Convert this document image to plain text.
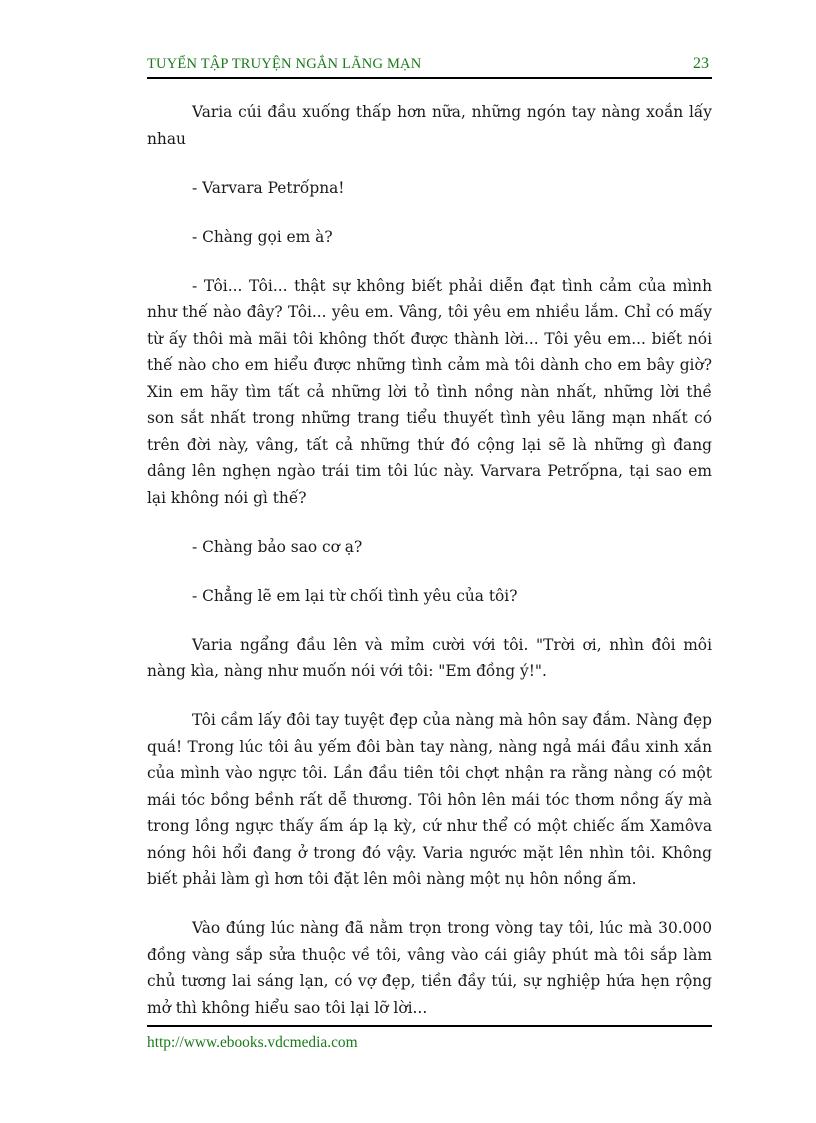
TUYỂN TẬP TRUYỆN NGẮN LÃNG MẠN	23

Varia cúi đầu xuống thấp hơn nữa, những ngón tay nàng xoắn lấy nhau

- Varvara Petrốpna!

- Chàng gọi em à?

- Tôi... Tôi... thật sự không biết phải diễn đạt tình cảm của mình như thế nào đây? Tôi... yêu em. Vâng, tôi yêu em nhiều lắm. Chỉ có mấy từ ấy thôi mà mãi tôi không thốt được thành lời... Tôi yêu em... biết nói thế nào cho em hiểu được những tình cảm mà tôi dành cho em bây giờ? Xin em hãy tìm tất cả những lời tỏ tình nồng nàn nhất, những lời thề son sắt nhất trong những trang tiểu thuyết tình yêu lãng mạn nhất có trên đời này, vâng, tất cả những thứ đó cộng lại sẽ là những gì đang dâng lên nghẹn ngào trái tim tôi lúc này. Varvara Petrốpna, tại sao em lại không nói gì thế?

- Chàng bảo sao cơ ạ?

- Chẳng lẽ em lại từ chối tình yêu của tôi?

Varia ngẩng đầu lên và mỉm cười với tôi. "Trời ơi, nhìn đôi môi nàng kìa, nàng như muốn nói với tôi: "Em đồng ý!".

Tôi cầm lấy đôi tay tuyệt đẹp của nàng mà hôn say đắm. Nàng đẹp quá! Trong lúc tôi âu yếm đôi bàn tay nàng, nàng ngả mái đầu xinh xắn của mình vào ngực tôi. Lần đầu tiên tôi chợt nhận ra rằng nàng có một mái tóc bồng bềnh rất dễ thương. Tôi hôn lên mái tóc thơm nồng ấy mà trong lồng ngực thấy ấm áp lạ kỳ, cứ như thể có một chiếc ấm Xamôva nóng hôi hổi đang ở trong đó vậy. Varia ngước mặt lên nhìn tôi. Không biết phải làm gì hơn tôi đặt lên môi nàng một nụ hôn nồng ấm.

Vào đúng lúc nàng đã nằm trọn trong vòng tay tôi, lúc mà 30.000 đồng vàng sắp sửa thuộc về tôi, vâng vào cái giây phút mà tôi sắp làm chủ tương lai sáng lạn, có vợ đẹp, tiền đầy túi, sự nghiệp hứa hẹn rộng mở thì không hiểu sao tôi lại lỡ lời...

http://www.ebooks.vdcmedia.com
